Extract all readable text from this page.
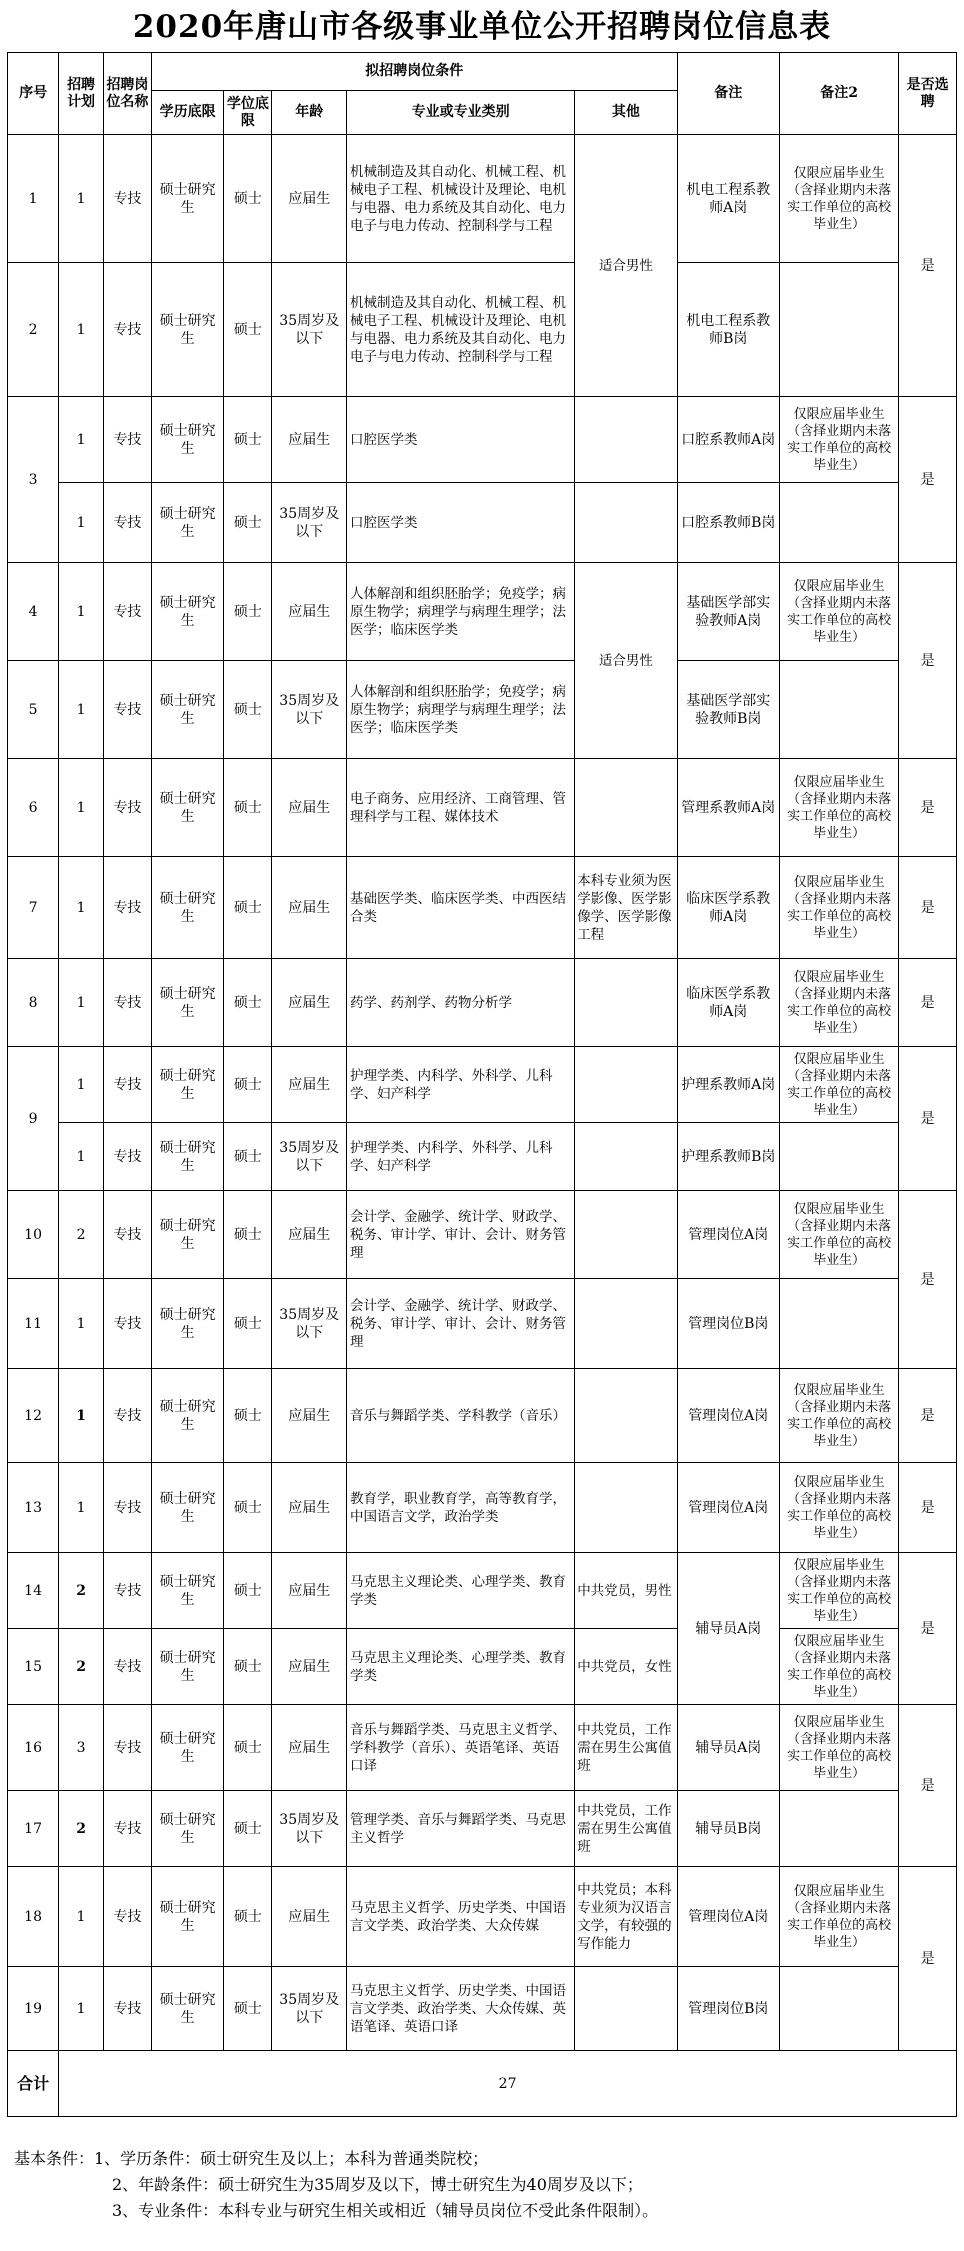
2020年唐山市各级事业单位公开招聘岗位信息表
序号	招聘计划	招聘岗位名称	拟招聘岗位条件					备注	备注2	是否选聘
			学历底限	学位底限	年龄	专业或专业类别	其他			
1	1	专技	硕士研究生	硕士	应届生	机械制造及其自动化、机械工程、机械电子工程、机械设计及理论、电机与电器、电力系统及其自动化、电力电子与电力传动、控制科学与工程	适合男性	机电工程系教师A岗	仅限应届毕业生（含择业期内未落实工作单位的高校毕业生）	是
2	1	专技	硕士研究生	硕士	35周岁及以下	机械制造及其自动化、机械工程、机械电子工程、机械设计及理论、电机与电器、电力系统及其自动化、电力电子与电力传动、控制科学与工程		机电工程系教师B岗		
3	1	专技	硕士研究生	硕士	应届生	口腔医学类		口腔系教师A岗	仅限应届毕业生（含择业期内未落实工作单位的高校毕业生）	是
	1	专技	硕士研究生	硕士	35周岁及以下	口腔医学类		口腔系教师B岗		
4	1	专技	硕士研究生	硕士	应届生	人体解剖和组织胚胎学；免疫学；病原生物学；病理学与病理生理学；法医学；临床医学类	适合男性	基础医学部实验教师A岗	仅限应届毕业生（含择业期内未落实工作单位的高校毕业生）	是
5	1	专技	硕士研究生	硕士	35周岁及以下	人体解剖和组织胚胎学；免疫学；病原生物学；病理学与病理生理学；法医学；临床医学类		基础医学部实验教师B岗		
6	1	专技	硕士研究生	硕士	应届生	电子商务、应用经济、工商管理、管理科学与工程、媒体技术		管理系教师A岗	仅限应届毕业生（含择业期内未落实工作单位的高校毕业生）	是
7	1	专技	硕士研究生	硕士	应届生	基础医学类、临床医学类、中西医结合类	本科专业须为医学影像、医学影像学、医学影像工程	临床医学系教师A岗	仅限应届毕业生（含择业期内未落实工作单位的高校毕业生）	是
8	1	专技	硕士研究生	硕士	应届生	药学、药剂学、药物分析学		临床医学系教师A岗	仅限应届毕业生（含择业期内未落实工作单位的高校毕业生）	是
9	1	专技	硕士研究生	硕士	应届生	护理学类、内科学、外科学、儿科学、妇产科学		护理系教师A岗	仅限应届毕业生（含择业期内未落实工作单位的高校毕业生）	是
	1	专技	硕士研究生	硕士	35周岁及以下	护理学类、内科学、外科学、儿科学、妇产科学		护理系教师B岗		
10	2	专技	硕士研究生	硕士	应届生	会计学、金融学、统计学、财政学、税务、审计学、审计、会计、财务管理		管理岗位A岗	仅限应届毕业生（含择业期内未落实工作单位的高校毕业生）	是
11	1	专技	硕士研究生	硕士	35周岁及以下	会计学、金融学、统计学、财政学、税务、审计学、审计、会计、财务管理		管理岗位B岗		
12	1	专技	硕士研究生	硕士	应届生	音乐与舞蹈学类、学科教学（音乐）		管理岗位A岗	仅限应届毕业生（含择业期内未落实工作单位的高校毕业生）	是
13	1	专技	硕士研究生	硕士	应届生	教育学，职业教育学，高等教育学，中国语言文学，政治学类		管理岗位A岗	仅限应届毕业生（含择业期内未落实工作单位的高校毕业生）	是
14	2	专技	硕士研究生	硕士	应届生	马克思主义理论类、心理学类、教育学类	中共党员，男性	辅导员A岗	仅限应届毕业生（含择业期内未落实工作单位的高校毕业生）	是
15	2	专技	硕士研究生	硕士	应届生	马克思主义理论类、心理学类、教育学类	中共党员，女性		仅限应届毕业生（含择业期内未落实工作单位的高校毕业生）	
16	3	专技	硕士研究生	硕士	应届生	音乐与舞蹈学类、马克思主义哲学、学科教学（音乐）、英语笔译、英语口译	中共党员，工作需在男生公寓值班	辅导员A岗	仅限应届毕业生（含择业期内未落实工作单位的高校毕业生）	是
17	2	专技	硕士研究生	硕士	35周岁及以下	管理学类、音乐与舞蹈学类、马克思主义哲学	中共党员，工作需在男生公寓值班	辅导员B岗		
18	1	专技	硕士研究生	硕士	应届生	马克思主义哲学、历史学类、中国语言文学类、政治学类、大众传媒	中共党员；本科专业须为汉语言文学，有较强的写作能力	管理岗位A岗	仅限应届毕业生（含择业期内未落实工作单位的高校毕业生）	是
19	1	专技	硕士研究生	硕士	35周岁及以下	马克思主义哲学、历史学类、中国语言文学类、政治学类、大众传媒、英语笔译、英语口译		管理岗位B岗		
合计	27									
基本条件：1、学历条件：硕士研究生及以上；本科为普通类院校；
2、年龄条件：硕士研究生为35周岁及以下，博士研究生为40周岁及以下；
3、专业条件：本科专业与研究生相关或相近（辅导员岗位不受此条件限制）。
